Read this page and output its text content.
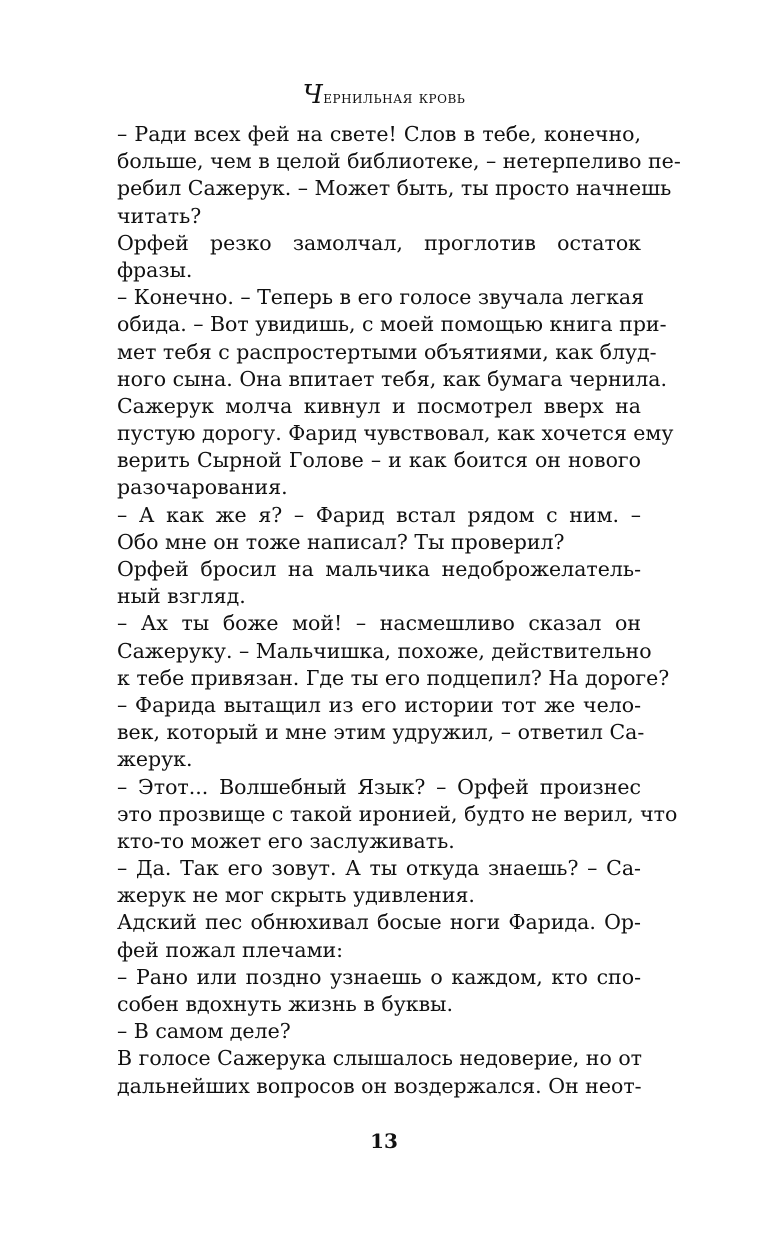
Чернильная кровь
– Ради всех фей на свете! Слов в тебе, конечно,
больше, чем в целой библиотеке, – нетерпеливо пе-
ребил Сажерук. – Может быть, ты просто начнешь
читать?
Орфей резко замолчал, проглотив остаток
фразы.
– Конечно. – Теперь в его голосе звучала легкая
обида. – Вот увидишь, с моей помощью книга при-
мет тебя с распростертыми объятиями, как блуд-
ного сына. Она впитает тебя, как бумага чернила.
Сажерук молча кивнул и посмотрел вверх на
пустую дорогу. Фарид чувствовал, как хочется ему
верить Сырной Голове – и как боится он нового
разочарования.
– А как же я? – Фарид встал рядом с ним. –
Обо мне он тоже написал? Ты проверил?
Орфей бросил на мальчика недоброжелатель-
ный взгляд.
– Ах ты боже мой! – насмешливо сказал он
Сажеруку. – Мальчишка, похоже, действительно
к тебе привязан. Где ты его подцепил? На дороге?
– Фарида вытащил из его истории тот же чело-
век, который и мне этим удружил, – ответил Са-
жерук.
– Этот... Волшебный Язык? – Орфей произнес
это прозвище с такой иронией, будто не верил, что
кто-то может его заслуживать.
– Да. Так его зовут. А ты откуда знаешь? – Са-
жерук не мог скрыть удивления.
Адский пес обнюхивал босые ноги Фарида. Ор-
фей пожал плечами:
– Рано или поздно узнаешь о каждом, кто спо-
собен вдохнуть жизнь в буквы.
– В самом деле?
В голосе Сажерука слышалось недоверие, но от
дальнейших вопросов он воздержался. Он неот-
13
